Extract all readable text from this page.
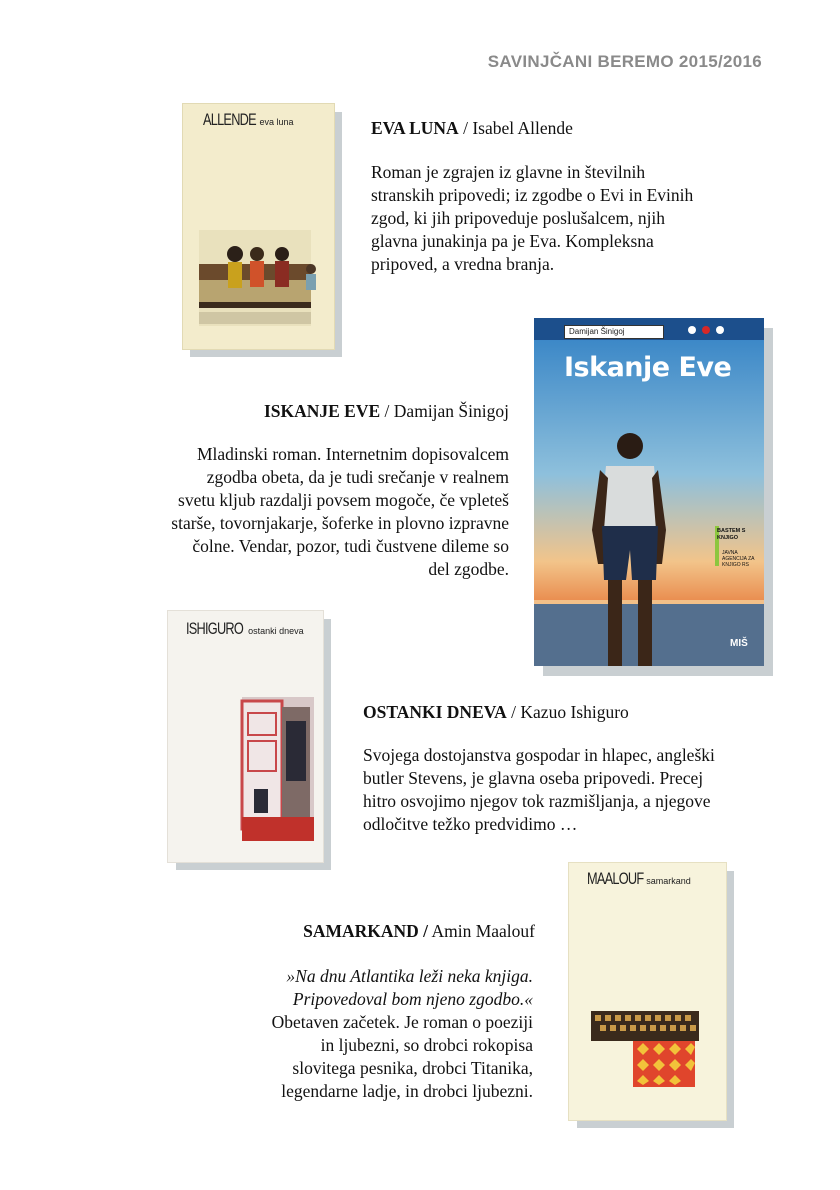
SAVINJČANI BEREMO 2015/2016
ALLENDE eva luna	EVA LUNA / Isabel Allende
Roman je zgrajen iz glavne in številnih
stranskih pripovedi; iz zgodbe o Evi in Evinih
zgod, ki jih pripoveduje poslušalcem, njih
glavna junakinja pa je Eva. Kompleksna
pripoved, a vredna branja.
Damijan Šinigoj
Iskanje Eve
BASTEM S KNJIGO
JAVNA AGENCIJA ZA KNJIGO RS
MIŠ
ISKANJE EVE / Damijan Šinigoj
Mladinski roman. Internetnim dopisovalcem
zgodba obeta, da je tudi srečanje v realnem
svetu kljub razdalji povsem mogoče, če vpleteš
starše, tovornjakarje, šoferke in plovno izpravne
čolne. Vendar, pozor, tudi čustvene dileme so
del zgodbe.
ISHIGURO ostanki dneva
OSTANKI DNEVA / Kazuo Ishiguro
Svojega dostojanstva gospodar in hlapec, angleški
butler Stevens, je glavna oseba pripovedi. Precej
hitro osvojimo njegov tok razmišljanja, a njegove
odločitve težko predvidimo …
MAALOUF samarkand
SAMARKAND / Amin Maalouf
»Na dnu Atlantika leži neka knjiga.
Pripovedoval bom njeno zgodbo.«
Obetaven začetek. Je roman o poeziji
in ljubezni, so drobci rokopisa
slovitega pesnika, drobci Titanika,
legendarne ladje, in drobci ljubezni.
